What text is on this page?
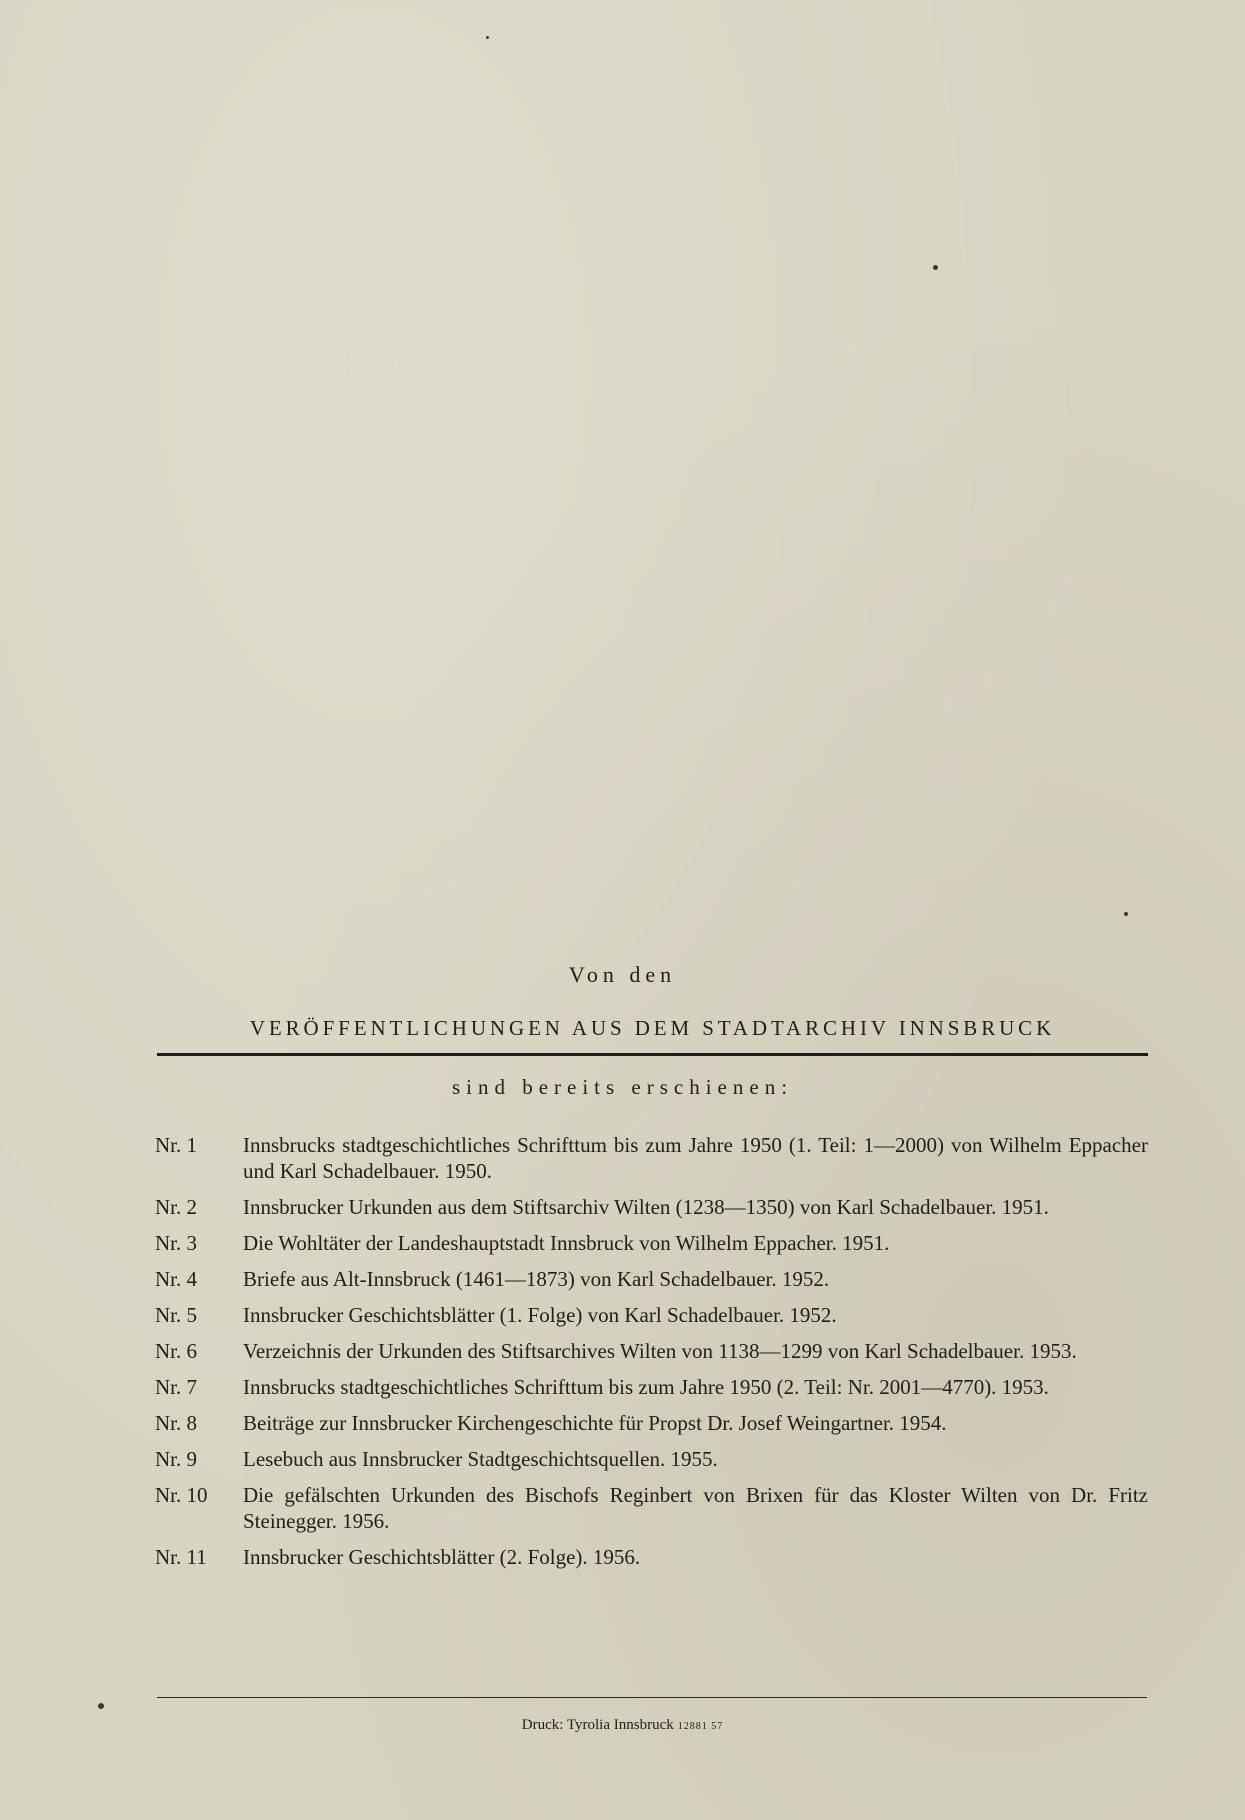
Von den
VERÖFFENTLICHUNGEN AUS DEM STADTARCHIV INNSBRUCK
sind bereits erschienen:
Nr. 1	Innsbrucks stadtgeschichtliches Schrifttum bis zum Jahre 1950 (1. Teil: 1—2000) von Wilhelm Eppacher und Karl Schadelbauer. 1950.
Nr. 2	Innsbrucker Urkunden aus dem Stiftsarchiv Wilten (1238—1350) von Karl Schadelbauer. 1951.
Nr. 3	Die Wohltäter der Landeshauptstadt Innsbruck von Wilhelm Eppacher. 1951.
Nr. 4	Briefe aus Alt-Innsbruck (1461—1873) von Karl Schadelbauer. 1952.
Nr. 5	Innsbrucker Geschichtsblätter (1. Folge) von Karl Schadelbauer. 1952.
Nr. 6	Verzeichnis der Urkunden des Stiftsarchives Wilten von 1138—1299 von Karl Schadelbauer. 1953.
Nr. 7	Innsbrucks stadtgeschichtliches Schrifttum bis zum Jahre 1950 (2. Teil: Nr. 2001—4770). 1953.
Nr. 8	Beiträge zur Innsbrucker Kirchengeschichte für Propst Dr. Josef Weingartner. 1954.
Nr. 9	Lesebuch aus Innsbrucker Stadtgeschichtsquellen. 1955.
Nr. 10	Die gefälschten Urkunden des Bischofs Reginbert von Brixen für das Kloster Wilten von Dr. Fritz Steinegger. 1956.
Nr. 11	Innsbrucker Geschichtsblätter (2. Folge). 1956.
Druck: Tyrolia Innsbruck 12881 57
